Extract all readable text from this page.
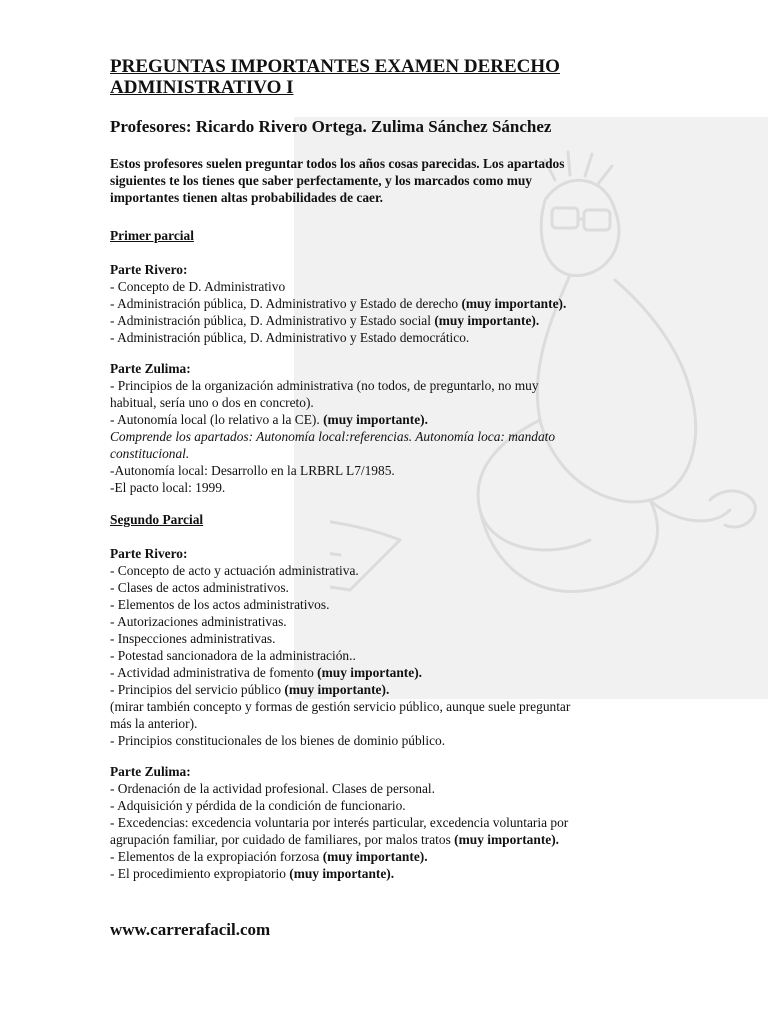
PREGUNTAS IMPORTANTES EXAMEN DERECHO
ADMINISTRATIVO I
Profesores: Ricardo Rivero Ortega. Zulima Sánchez Sánchez
Estos profesores suelen preguntar todos los años cosas parecidas. Los apartados
siguientes te los tienes que saber perfectamente, y los marcados como muy
importantes tienen altas probabilidades de caer.
Primer parcial
Parte Rivero:
- Concepto de D. Administrativo
- Administración pública, D. Administrativo y Estado de derecho (muy importante).
- Administración pública, D. Administrativo y Estado social (muy importante).
- Administración pública, D. Administrativo y Estado democrático.
Parte Zulima:
- Principios de la organización administrativa (no todos, de preguntarlo, no muy
habitual, sería uno o dos en concreto).
- Autonomía local (lo relativo a la CE). (muy importante).
Comprende los apartados: Autonomía local:referencias. Autonomía loca: mandato
constitucional.
-Autonomía local: Desarrollo en la LRBRL L7/1985.
-El pacto local: 1999.
Segundo Parcial
Parte Rivero:
- Concepto de acto y actuación administrativa.
- Clases de actos administrativos.
- Elementos de los actos administrativos.
- Autorizaciones administrativas.
- Inspecciones administrativas.
- Potestad sancionadora de la administración..
- Actividad administrativa de fomento (muy importante).
- Principios del servicio público (muy importante).
(mirar también concepto y formas de gestión servicio público, aunque suele preguntar
más la anterior).
- Principios constitucionales de los bienes de dominio público.
Parte Zulima:
- Ordenación de la actividad profesional. Clases de personal.
- Adquisición y pérdida de la condición de funcionario.
- Excedencias: excedencia voluntaria por interés particular, excedencia voluntaria por
agrupación familiar, por cuidado de familiares, por malos tratos (muy importante).
- Elementos de la expropiación forzosa (muy importante).
- El procedimiento expropiatorio (muy importante).
www.carrerafacil.com
